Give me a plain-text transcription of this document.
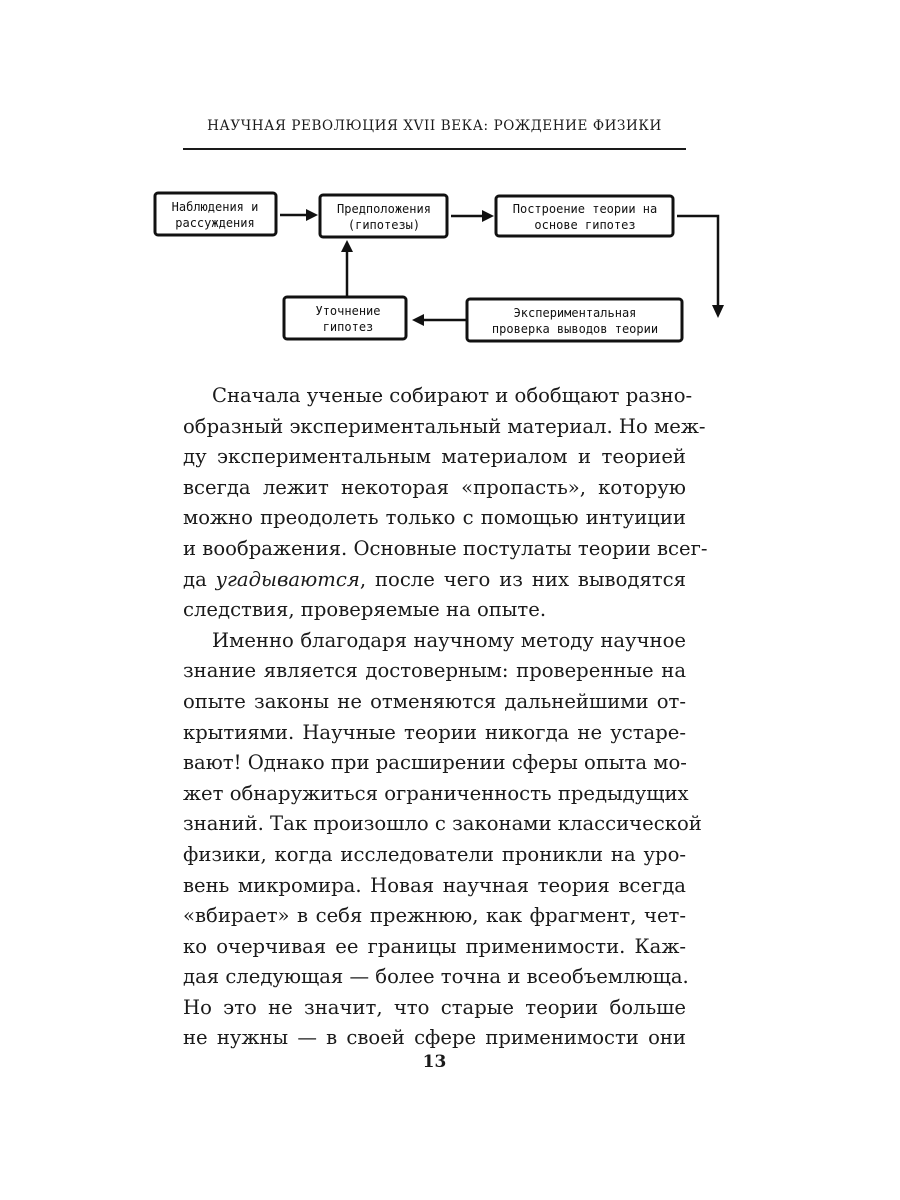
НАУЧНАЯ РЕВОЛЮЦИЯ XVII ВЕКА: РОЖДЕНИЕ ФИЗИКИ
Наблюдения и
рассуждения
Предположения
(гипотезы)
Построение теории на
основе гипотез
Экспериментальная
проверка выводов теории
Уточнение
гипотез
Сначала ученые собирают и обобщают разно-
образный экспериментальный материал. Но меж-
ду экспериментальным материалом и теорией
всегда лежит некоторая «пропасть», которую
можно преодолеть только с помощью интуиции
и воображения. Основные постулаты теории всег-
да угадываются, после чего из них выводятся
следствия, проверяемые на опыте.
Именно благодаря научному методу научное
знание является достоверным: проверенные на
опыте законы не отменяются дальнейшими от-
крытиями. Научные теории никогда не устаре-
вают! Однако при расширении сферы опыта мо-
жет обнаружиться ограниченность предыдущих
знаний. Так произошло с законами классической
физики, когда исследователи проникли на уро-
вень микромира. Новая научная теория всегда
«вбирает» в себя прежнюю, как фрагмент, чет-
ко очерчивая ее границы применимости. Каж-
дая следующая — более точна и всеобъемлюща.
Но это не значит, что старые теории больше
не нужны — в своей сфере применимости они
13
